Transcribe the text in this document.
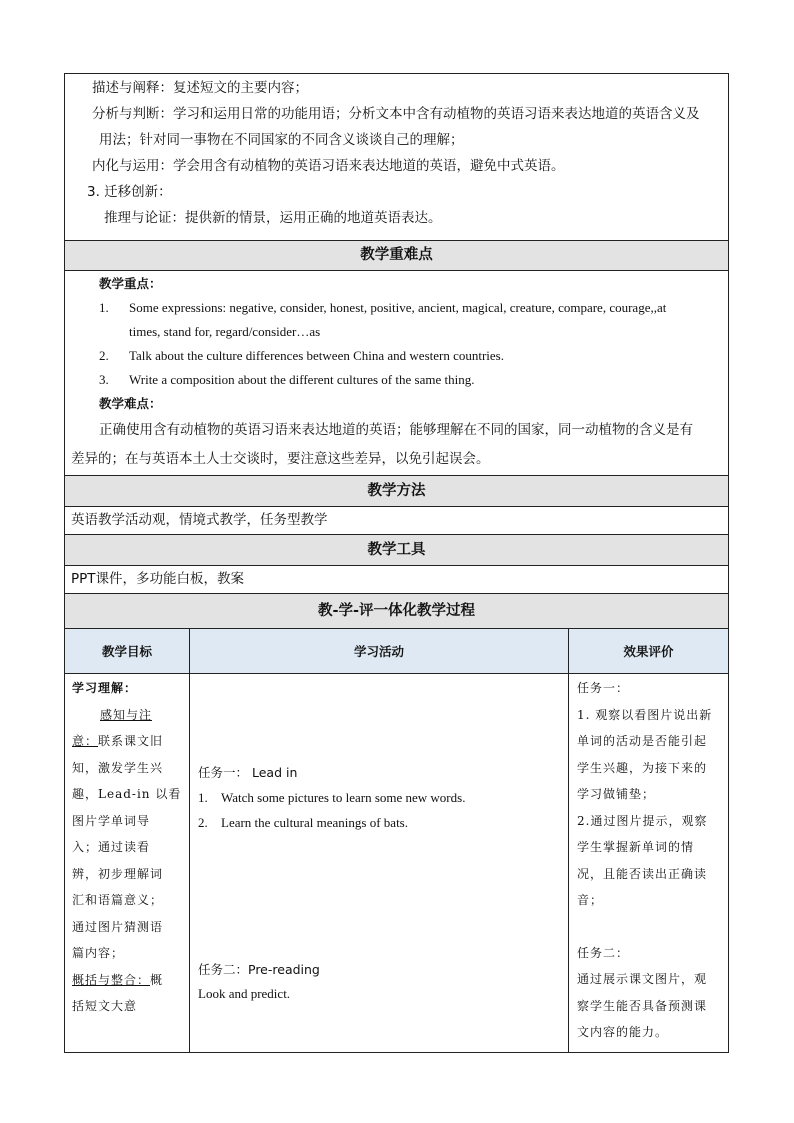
描述与阐释：复述短文的主要内容；
分析与判断：学习和运用日常的功能用语；分析文本中含有动植物的英语习语来表达地道的英语含义及
用法；针对同一事物在不同国家的不同含义谈谈自己的理解；
内化与运用：学会用含有动植物的英语习语来表达地道的英语，避免中式英语。
3. 迁移创新：
推理与论证：提供新的情景，运用正确的地道英语表达。
教学重难点
教学重点：
1. Some expressions: negative, consider, honest, positive, ancient, magical, creature, compare, courage,,at
times, stand for, regard/consider…as
2. Talk about the culture differences between China and western countries.
3. Write a composition about the different cultures of the same thing.
教学难点：
正确使用含有动植物的英语习语来表达地道的英语；能够理解在不同的国家，同一动植物的含义是有
差异的；在与英语本土人士交谈时，要注意这些差异，以免引起误会。
教学方法
英语教学活动观，情境式教学，任务型教学
教学工具
PPT课件，多功能白板，教案
教-学-评一体化教学过程
教学目标	学习活动	效果评价
学习理解：
感知与注
意：联系课文旧
知，激发学生兴
趣，Lead-in 以看
图片学单词导
入；通过读看
辨，初步理解词
汇和语篇意义；
通过图片猜测语
篇内容；
概括与整合：概
括短文大意
任务一： Lead in
1. Watch some pictures to learn some new words.
2. Learn the cultural meanings of bats.
任务二：Pre-reading
Look and predict.
任务一：
1. 观察以看图片说出新
单词的活动是否能引起
学生兴趣，为接下来的
学习做铺垫；
2.通过图片提示，观察
学生掌握新单词的情
况，且能否读出正确读
音；
任务二：
通过展示课文图片，观
察学生能否具备预测课
文内容的能力。
